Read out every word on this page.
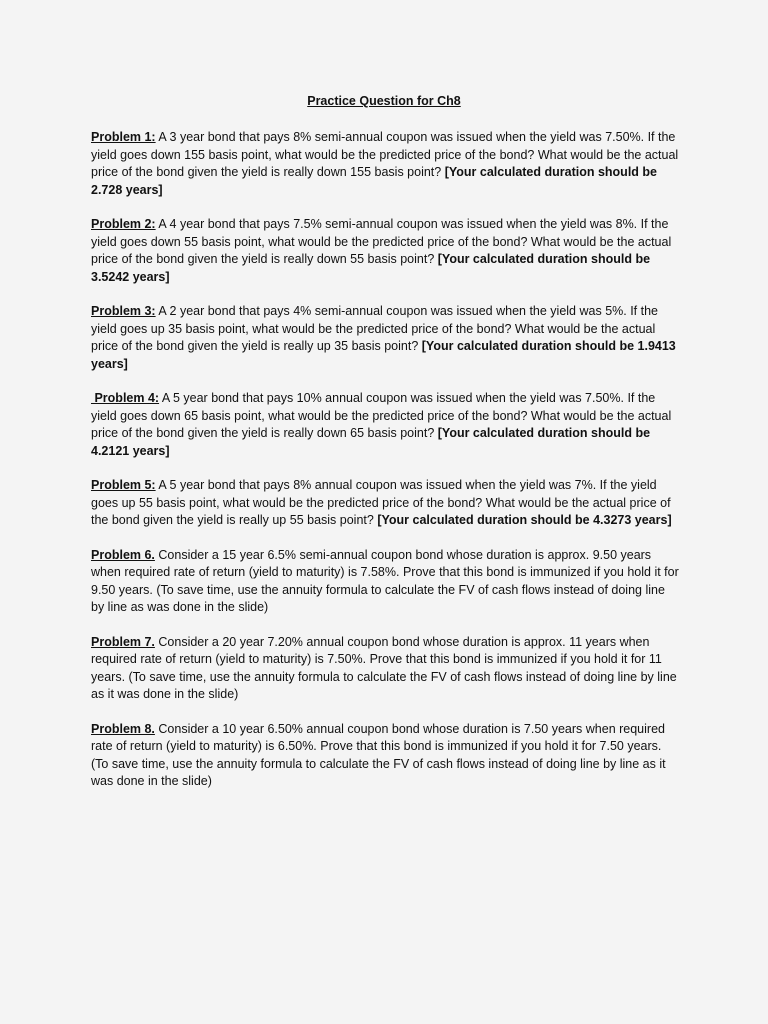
Practice Question for Ch8

Problem 1: A 3 year bond that pays 8% semi-annual coupon was issued when the yield was 7.50%. If the yield goes down 155 basis point, what would be the predicted price of the bond? What would be the actual price of the bond given the yield is really down 155 basis point? [Your calculated duration should be 2.728 years]

Problem 2: A 4 year bond that pays 7.5% semi-annual coupon was issued when the yield was 8%. If the yield goes down 55 basis point, what would be the predicted price of the bond? What would be the actual price of the bond given the yield is really down 55 basis point? [Your calculated duration should be 3.5242 years]

Problem 3: A 2 year bond that pays 4% semi-annual coupon was issued when the yield was 5%. If the yield goes up 35 basis point, what would be the predicted price of the bond? What would be the actual price of the bond given the yield is really up 35 basis point? [Your calculated duration should be 1.9413 years]

Problem 4: A 5 year bond that pays 10% annual coupon was issued when the yield was 7.50%. If the yield goes down 65 basis point, what would be the predicted price of the bond? What would be the actual price of the bond given the yield is really down 65 basis point? [Your calculated duration should be 4.2121 years]

Problem 5: A 5 year bond that pays 8% annual coupon was issued when the yield was 7%. If the yield goes up 55 basis point, what would be the predicted price of the bond? What would be the actual price of the bond given the yield is really up 55 basis point? [Your calculated duration should be 4.3273 years]

Problem 6. Consider a 15 year 6.5% semi-annual coupon bond whose duration is approx. 9.50 years when required rate of return (yield to maturity) is 7.58%. Prove that this bond is immunized if you hold it for 9.50 years. (To save time, use the annuity formula to calculate the FV of cash flows instead of doing line by line as was done in the slide)

Problem 7. Consider a 20 year 7.20% annual coupon bond whose duration is approx. 11 years when required rate of return (yield to maturity) is 7.50%. Prove that this bond is immunized if you hold it for 11 years. (To save time, use the annuity formula to calculate the FV of cash flows instead of doing line by line as it was done in the slide)

Problem 8. Consider a 10 year 6.50% annual coupon bond whose duration is 7.50 years when required rate of return (yield to maturity) is 6.50%. Prove that this bond is immunized if you hold it for 7.50 years. (To save time, use the annuity formula to calculate the FV of cash flows instead of doing line by line as it was done in the slide)
